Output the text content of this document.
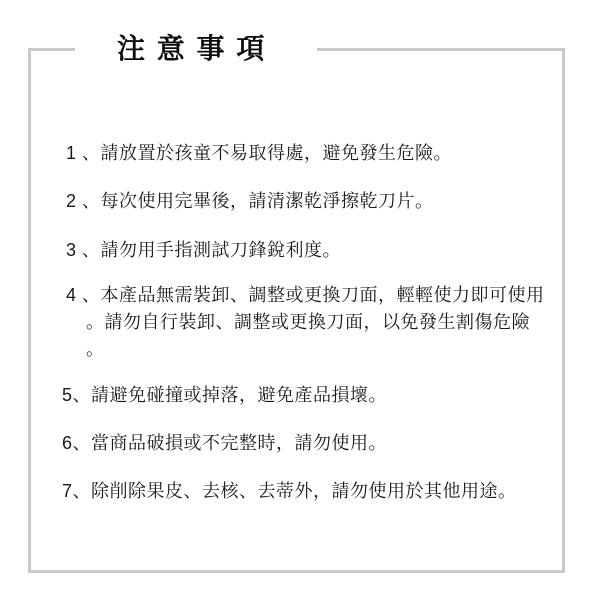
注 意 事 項
1 、請放置於孩童不易取得處，避免發生危險。
2 、每次使用完畢後，請清潔乾淨擦乾刀片。
3 、請勿用手指測試刀鋒銳利度。
4 、本產品無需裝卸、調整或更換刀面，輕輕使力即可使用
。請勿自行裝卸、調整或更換刀面，以免發生割傷危險
。
5、請避免碰撞或掉落，避免產品損壞。
6、當商品破損或不完整時，請勿使用。
7、除削除果皮、去核、去蒂外，請勿使用於其他用途。
